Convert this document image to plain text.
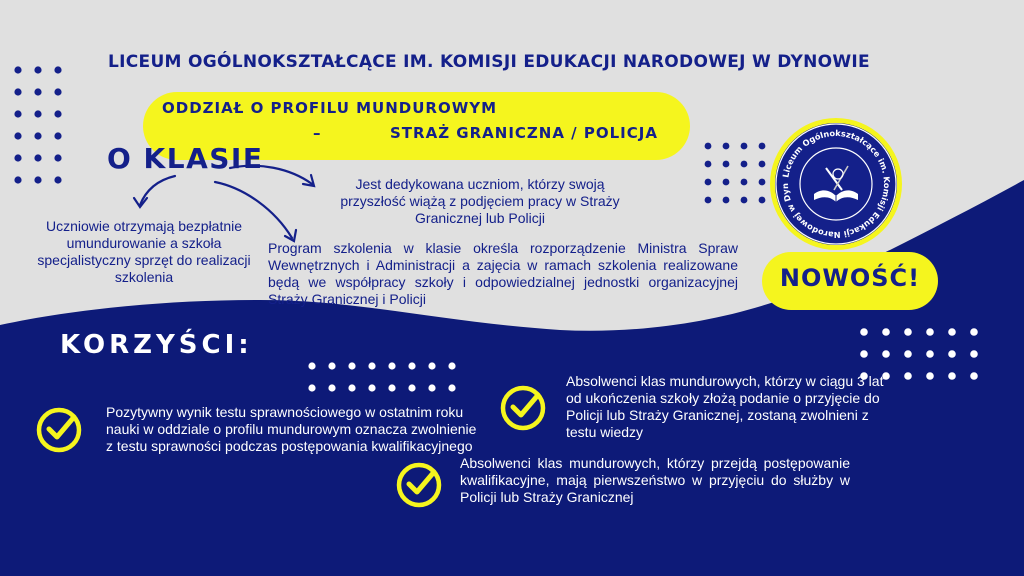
LICEUM OGÓLNOKSZTAŁCĄCE IM. KOMISJI EDUKACJI NARODOWEJ W DYNOWIE
ODDZIAŁ O PROFILU MUNDUROWYM
–	STRAŻ GRANICZNA / POLICJA
O KLASIE
Jest dedykowana uczniom, którzy swoją przyszłość wiążą z podjęciem pracy w Straży Granicznej lub Policji
Uczniowie otrzymają bezpłatnie umundurowanie a szkoła specjalistyczny sprzęt do realizacji szkolenia
Program szkolenia w klasie określa rozporządzenie Ministra Spraw Wewnętrznych i Administracji a zajęcia w ramach szkolenia realizowane będą we współpracy szkoły i odpowiedzialnej jednostki organizacyjnej Straży Granicznej i Policji
Liceum Ogólnokształcące im. Komisji Edukacji Narodowej w Dyn
NOWOŚĆ!
KORZYŚCI:
Pozytywny wynik testu sprawnościowego w ostatnim roku nauki w oddziale o profilu mundurowym oznacza zwolnienie z testu sprawności podczas postępowania kwalifikacyjnego
Absolwenci klas mundurowych, którzy w ciągu 3 lat od ukończenia szkoły złożą podanie o przyjęcie do Policji lub Straży Granicznej, zostaną zwolnieni z testu wiedzy
Absolwenci klas mundurowych, którzy przejdą postępowanie kwalifikacyjne, mają pierwszeństwo w przyjęciu do służby w Policji lub Straży Granicznej
